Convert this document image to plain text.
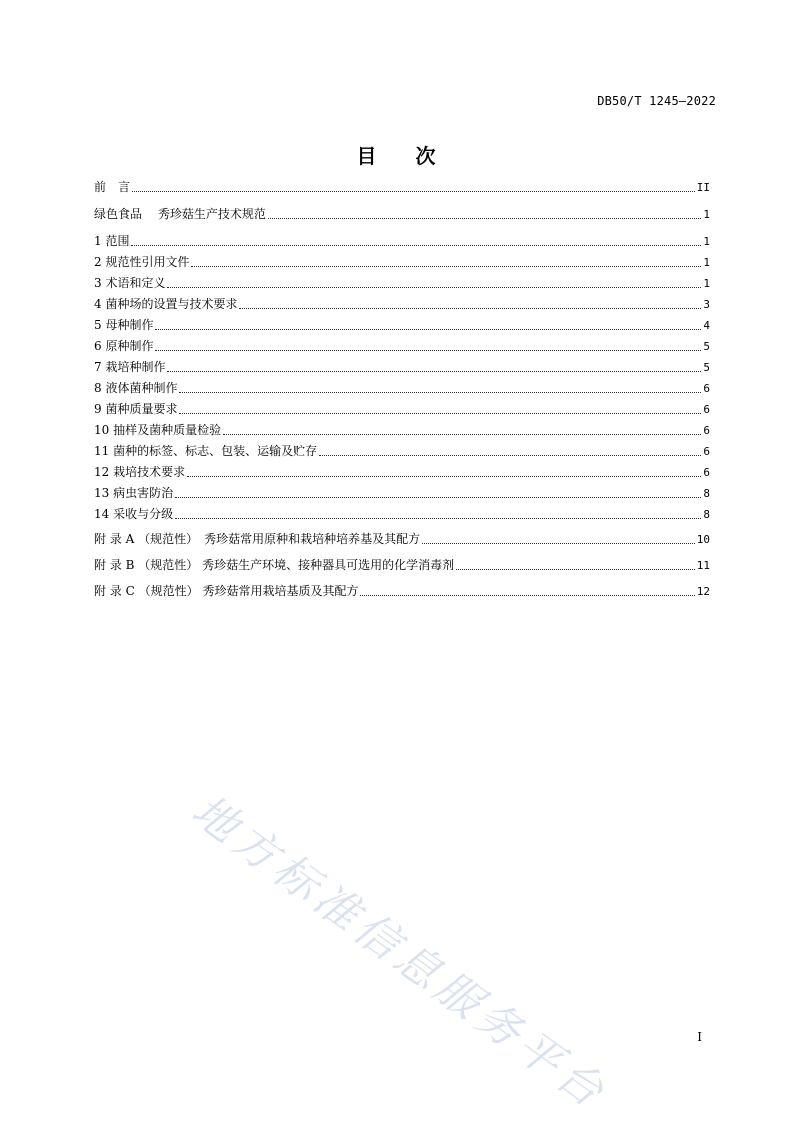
DB50/T 1245—2022
目 次
前　言	II
绿色食品　 秀珍菇生产技术规范	1
1 范围	1
2 规范性引用文件	1
3 术语和定义	1
4 菌种场的设置与技术要求	3
5 母种制作	4
6 原种制作	5
7 栽培种制作	5
8 液体菌种制作	6
9 菌种质量要求	6
10 抽样及菌种质量检验	6
11 菌种的标签、标志、包装、运输及贮存	6
12 栽培技术要求	6
13 病虫害防治	8
14 采收与分级	8
附 录 A （规范性）　秀珍菇常用原种和栽培种培养基及其配方	10
附 录 B （规范性） 秀珍菇生产环境、接种器具可选用的化学消毒剂	11
附 录 C （规范性） 秀珍菇常用栽培基质及其配方	12
地方标准信息服务平台	I
